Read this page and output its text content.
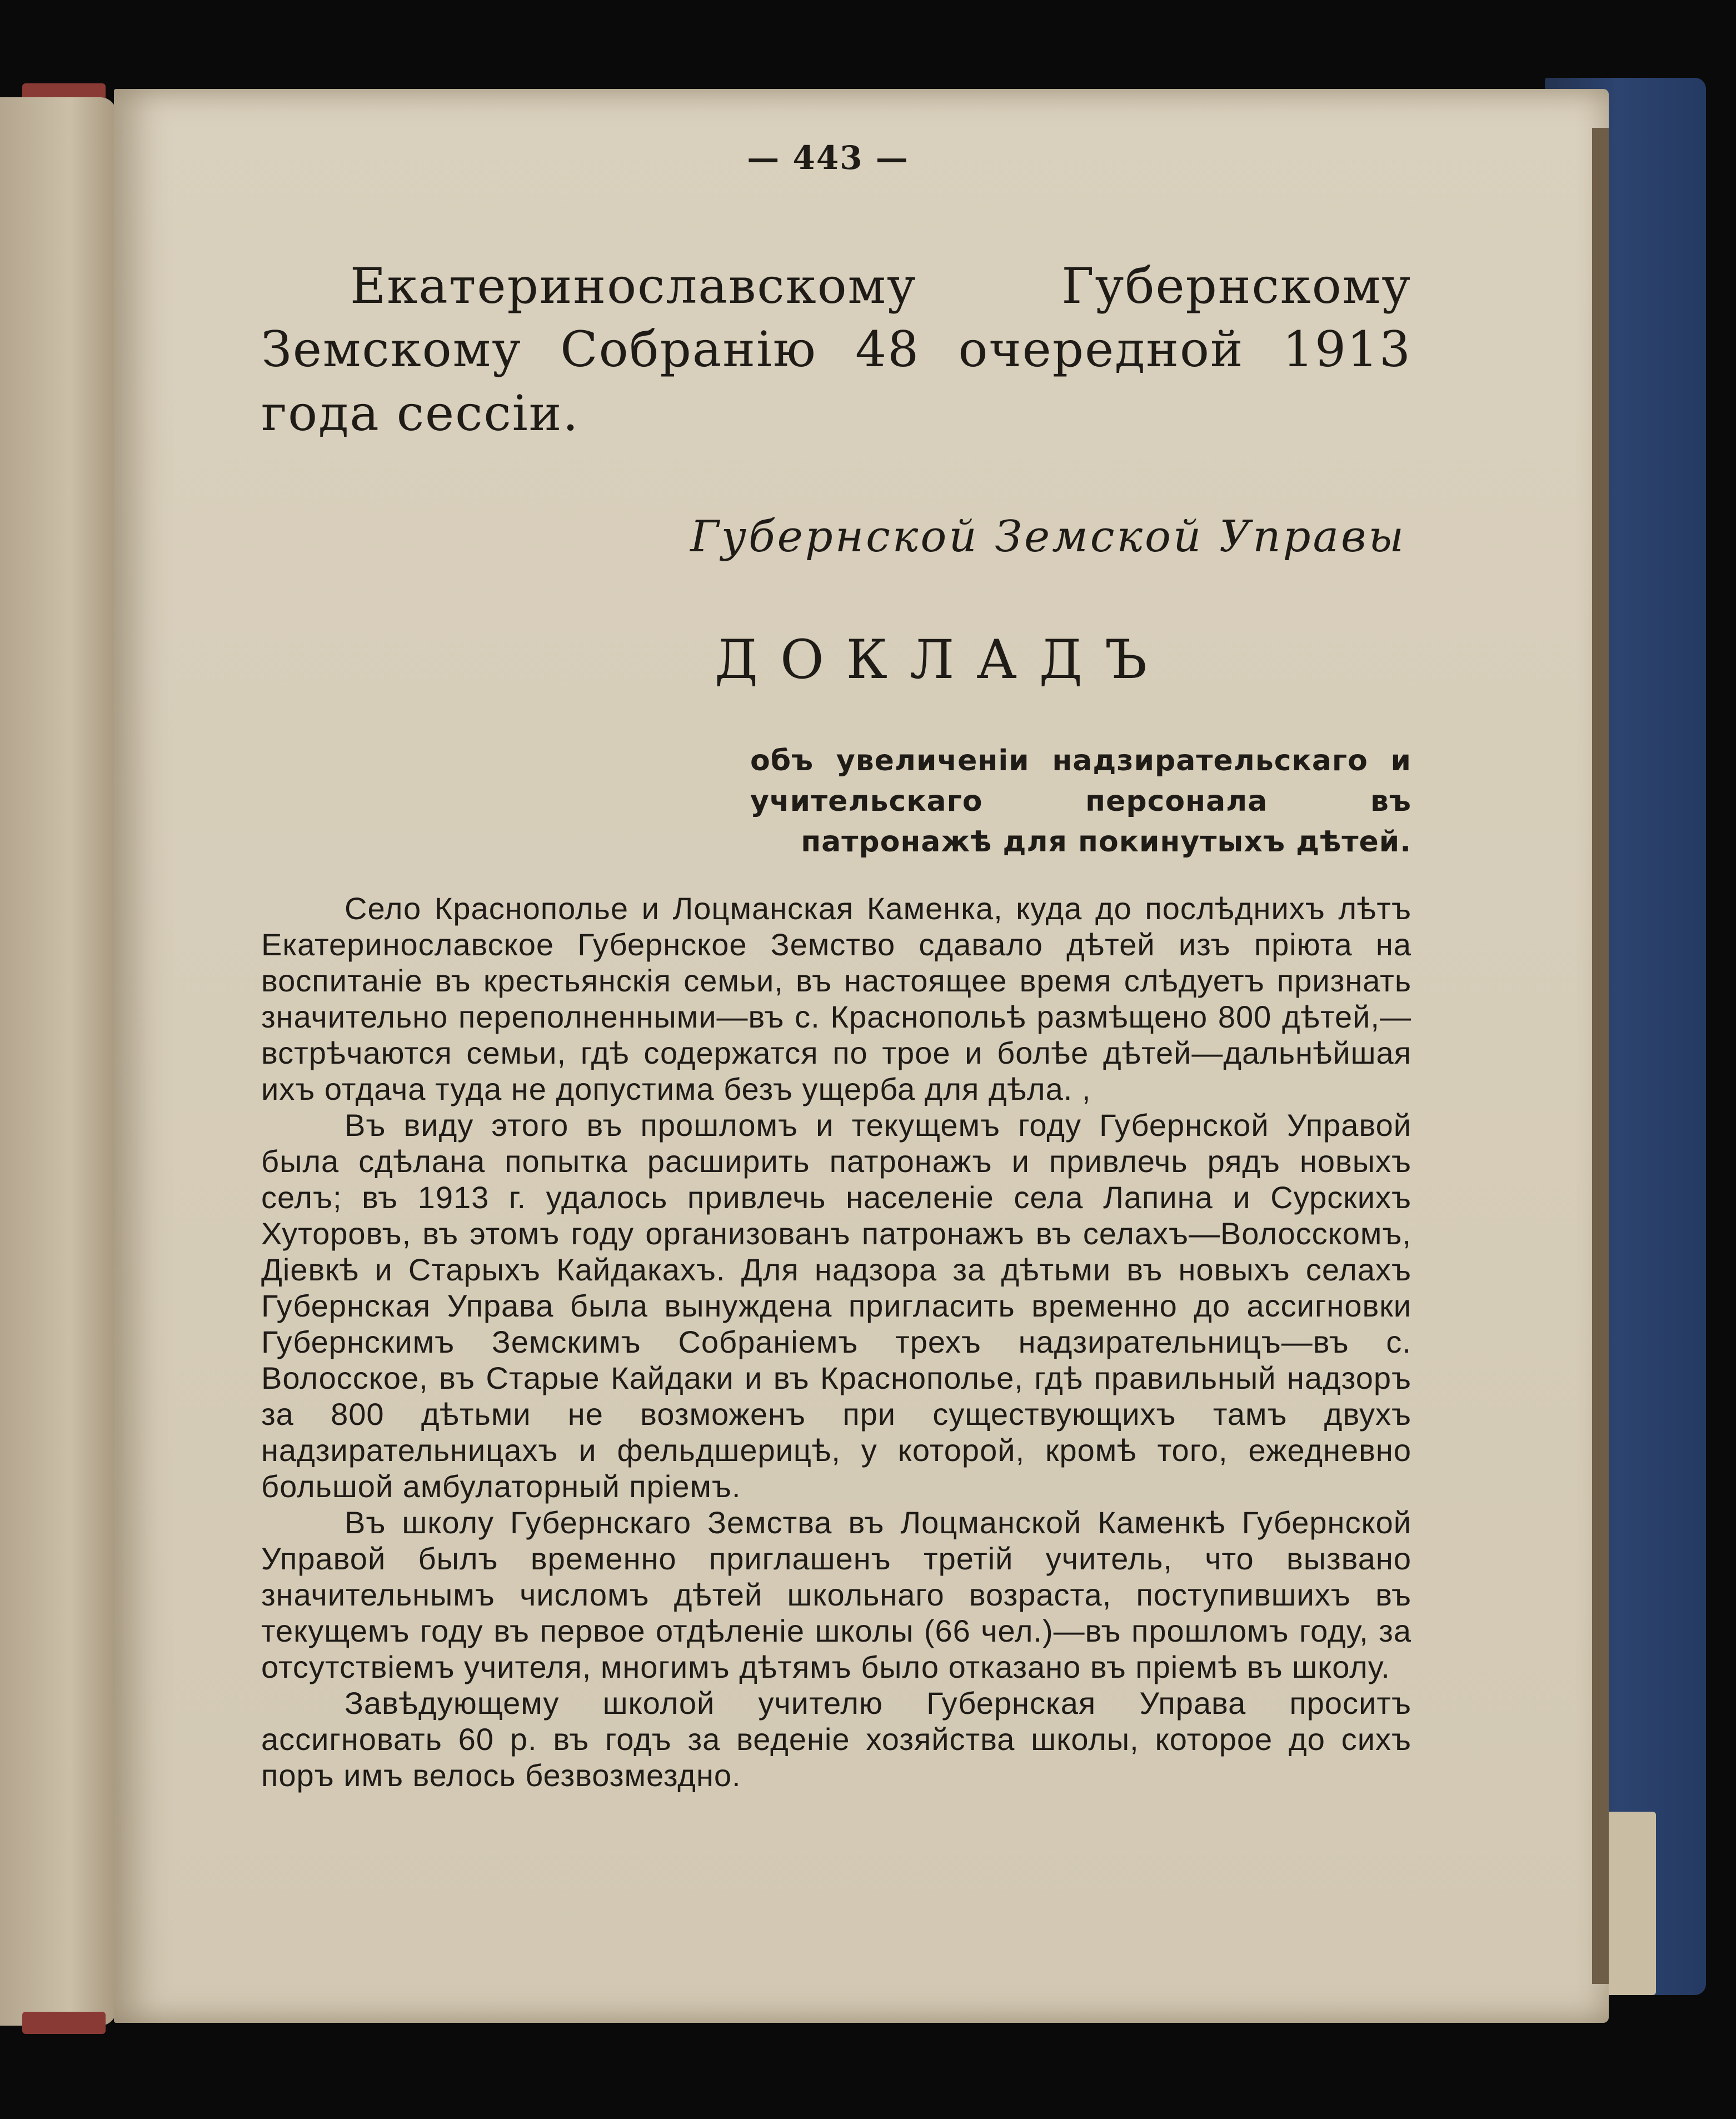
— 443 —
Екатеринославскому Губернскому Земскому Собранію 48 очередной 1913 года сессіи.
Губернской Земской Управы
ДОКЛАДЪ
объ увеличеніи надзирательскаго и учительскаго персонала въ патронажѣ для покинутыхъ дѣтей.

Село Краснополье и Лоцманская Каменка, куда до послѣднихъ лѣтъ Екатеринославское Губернское Земство сдавало дѣтей изъ пріюта на воспитаніе въ крестьянскія семьи, въ настоящее время слѣдуетъ признать значительно переполненными—въ с. Краснопольѣ размѣщено 800 дѣтей,—встрѣчаются семьи, гдѣ содержатся по трое и болѣе дѣтей—дальнѣйшая ихъ отдача туда не допустима безъ ущерба для дѣла. ,

Въ виду этого въ прошломъ и текущемъ году Губернской Управой была сдѣлана попытка расширить патронажъ и привлечь рядъ новыхъ селъ; въ 1913 г. удалось привлечь населеніе села Лапина и Сурскихъ Хуторовъ, въ этомъ году организованъ патронажъ въ селахъ—Волосскомъ, Діевкѣ и Старыхъ Кайдакахъ. Для надзора за дѣтьми въ новыхъ селахъ Губернская Управа была вынуждена пригласить временно до ассигновки Губернскимъ Земскимъ Собраніемъ трехъ надзирательницъ—въ с. Волосское, въ Старые Кайдаки и въ Краснополье, гдѣ правильный надзоръ за 800 дѣтьми не возможенъ при существующихъ тамъ двухъ надзирательницахъ и фельдшерицѣ, у которой, кромѣ того, ежедневно большой амбулаторный пріемъ.

Въ школу Губернскаго Земства въ Лоцманской Каменкѣ Губернской Управой былъ временно приглашенъ третій учитель, что вызвано значительнымъ числомъ дѣтей школьнаго возраста, поступившихъ въ текущемъ году въ первое отдѣленіе школы (66 чел.)—въ прошломъ году, за отсутствіемъ учителя, многимъ дѣтямъ было отказано въ пріемѣ въ школу.

Завѣдующему школой учителю Губернская Управа проситъ ассигновать 60 р. въ годъ за веденіе хозяйства школы, которое до сихъ поръ имъ велось безвозмездно.
